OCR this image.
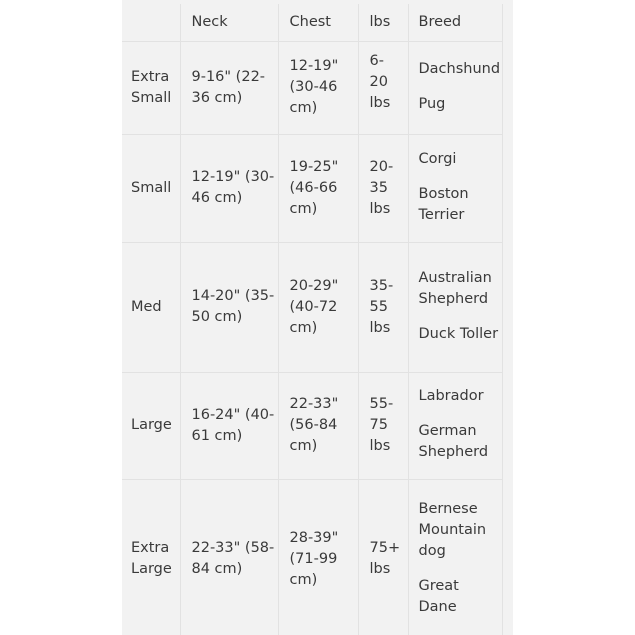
	Neck	Chest	lbs	Breed
Extra Small	9-16" (22-36 cm)	12-19" (30-46 cm)	6-20 lbs	Dachshund
Pug

Small	12-19" (30-46 cm)	19-25" (46-66 cm)	20-35 lbs	Corgi
Boston Terrier

Med	14-20" (35-50 cm)	20-29" (40-72 cm)	35-55 lbs	Australian Shepherd
Duck Toller

Large	16-24" (40-61 cm)	22-33" (56-84 cm)	55-75 lbs	Labrador
German Shepherd

Extra Large	22-33" (58-84 cm)	28-39" (71-99 cm)	75+ lbs	Bernese Mountain dog
Great Dane
